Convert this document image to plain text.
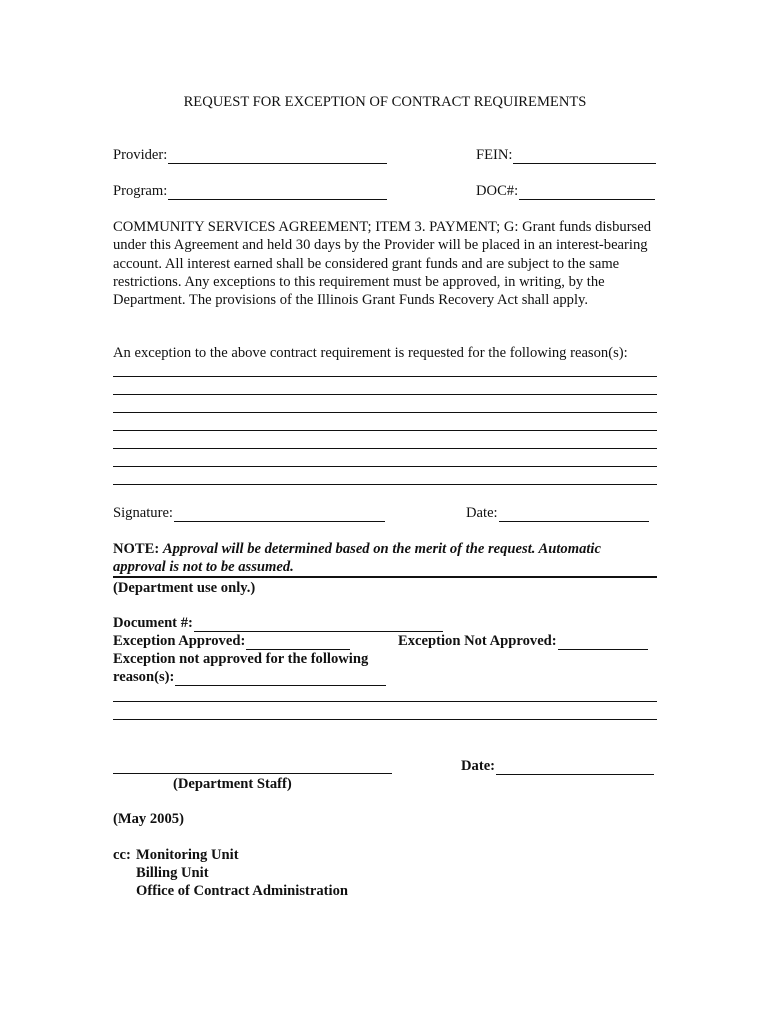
REQUEST FOR EXCEPTION OF CONTRACT REQUIREMENTS
Provider:	FEIN:
Program:	DOC#:
COMMUNITY SERVICES AGREEMENT; ITEM 3. PAYMENT; G: Grant funds disbursed under this Agreement and held 30 days by the Provider will be placed in an interest-bearing account. All interest earned shall be considered grant funds and are subject to the same restrictions. Any exceptions to this requirement must be approved, in writing, by the Department. The provisions of the Illinois Grant Funds Recovery Act shall apply.
An exception to the above contract requirement is requested for the following reason(s):
Signature:	Date:
NOTE: Approval will be determined based on the merit of the request. Automatic approval is not to be assumed.
(Department use only.)
Document #:
Exception Approved:	Exception Not Approved:
Exception not approved for the following
reason(s):
Date:
(Department Staff)
(May 2005)
cc: Monitoring Unit
Billing Unit
Office of Contract Administration
